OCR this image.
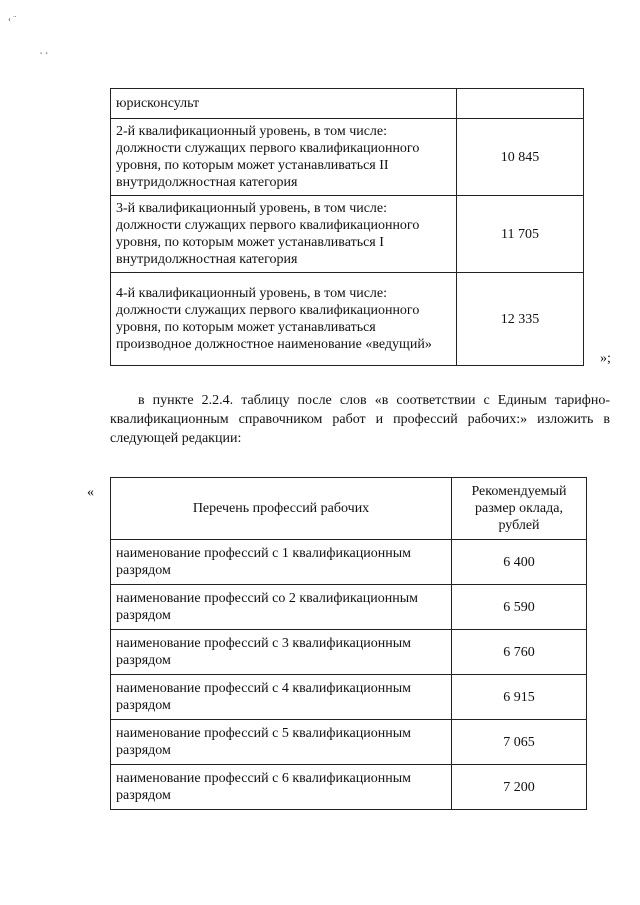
‹ ¨
˛ ˛
юрисконсульт	
2-й квалификационный уровень, в том числе: должности служащих первого квалификационного уровня, по которым может устанавливаться II внутридолжностная категория	10 845
3-й квалификационный уровень, в том числе: должности служащих первого квалификационного уровня, по которым может устанавливаться I внутридолжностная категория	11 705
4-й квалификационный уровень, в том числе: должности служащих первого квалификационного уровня, по которым может устанавливаться производное должностное наименование «ведущий»	12 335
»;
в пункте 2.2.4. таблицу после слов «в соответствии с Единым тарифно-квалификационным справочником работ и профессий рабочих:» изложить в следующей редакции:
«
Перечень профессий рабочих	Рекомендуемый размер оклада, рублей
наименование профессий с 1 квалификационным разрядом	6 400
наименование профессий со 2 квалификационным разрядом	6 590
наименование профессий с 3 квалификационным разрядом	6 760
наименование профессий с 4 квалификационным разрядом	6 915
наименование профессий с 5 квалификационным разрядом	7 065
наименование профессий с 6 квалификационным разрядом	7 200
